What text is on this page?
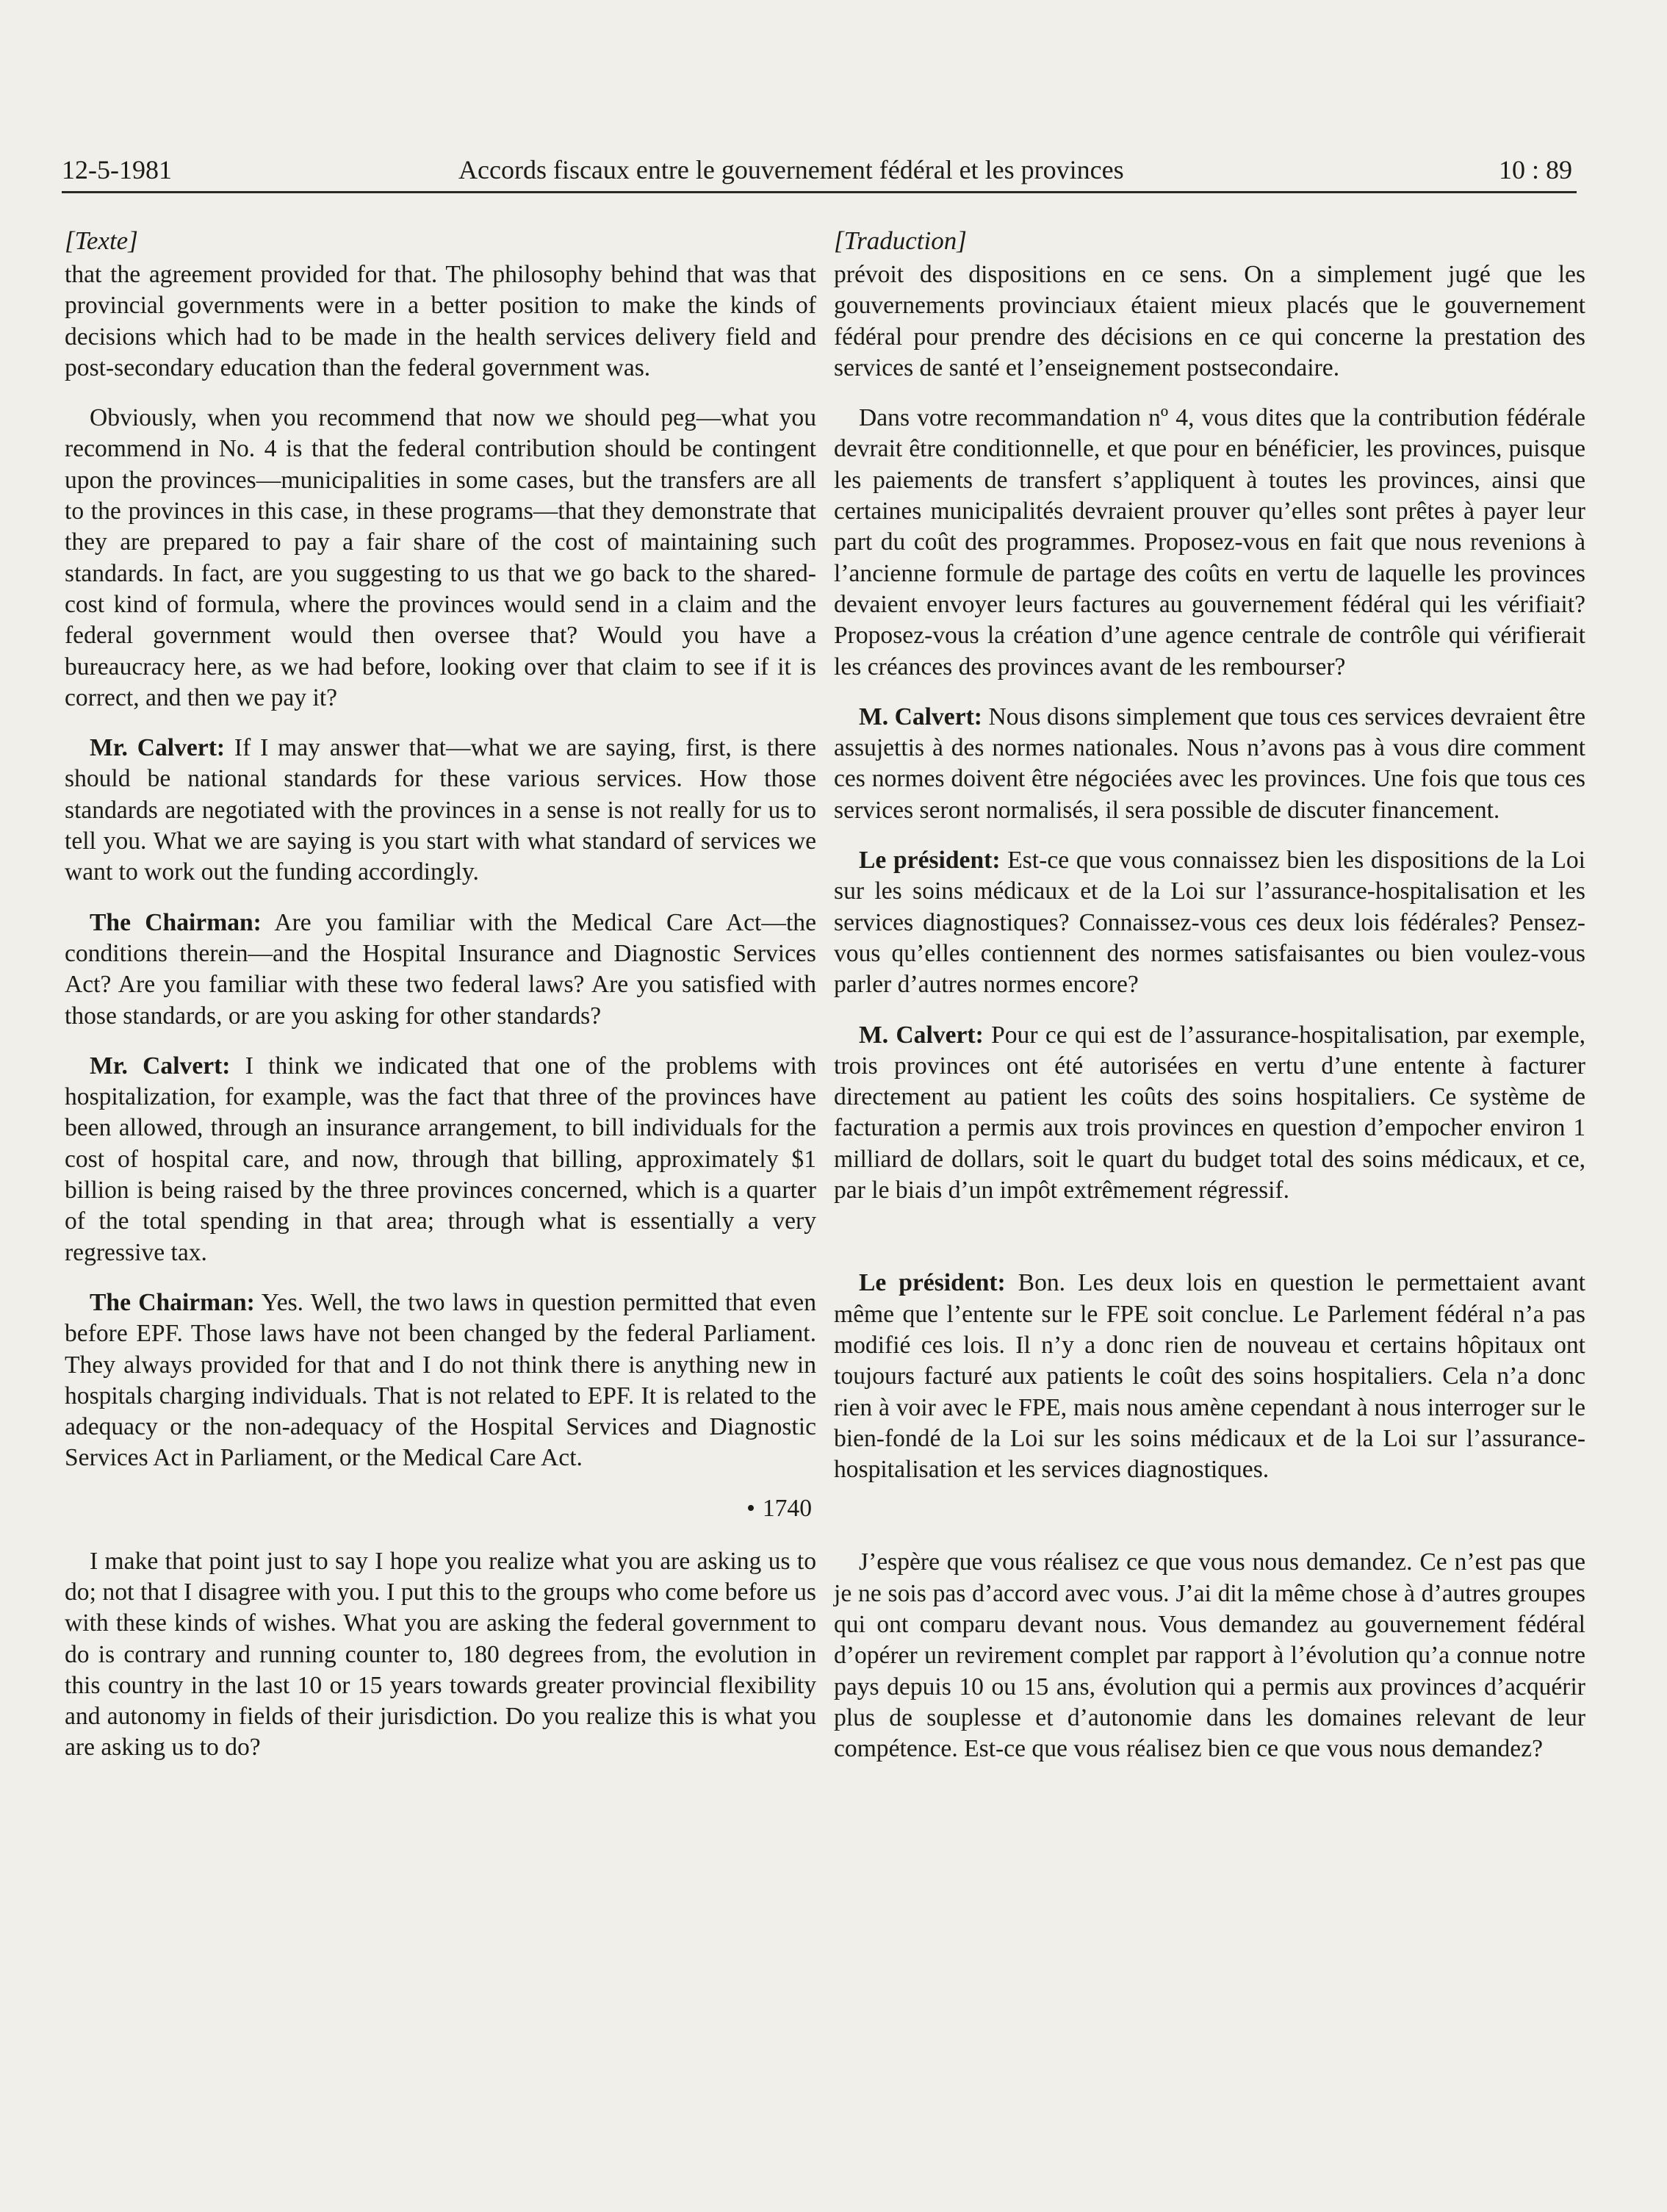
12-5-1981	Accords fiscaux entre le gouvernement fédéral et les provinces	10 : 89
[Texte]

that the agreement provided for that. The philosophy behind that was that provincial governments were in a better position to make the kinds of decisions which had to be made in the health services delivery field and post-secondary education than the federal government was.

Obviously, when you recommend that now we should peg—what you recommend in No. 4 is that the federal contribution should be contingent upon the provinces—municipalities in some cases, but the transfers are all to the provinces in this case, in these programs—that they demonstrate that they are prepared to pay a fair share of the cost of maintaining such standards. In fact, are you suggesting to us that we go back to the shared-cost kind of formula, where the provinces would send in a claim and the federal government would then oversee that? Would you have a bureaucracy here, as we had before, looking over that claim to see if it is correct, and then we pay it?

Mr. Calvert: If I may answer that—what we are saying, first, is there should be national standards for these various services. How those standards are negotiated with the provinces in a sense is not really for us to tell you. What we are saying is you start with what standard of services we want to work out the funding accordingly.

The Chairman: Are you familiar with the Medical Care Act—the conditions therein—and the Hospital Insurance and Diagnostic Services Act? Are you familiar with these two federal laws? Are you satisfied with those standards, or are you asking for other standards?

Mr. Calvert: I think we indicated that one of the problems with hospitalization, for example, was the fact that three of the provinces have been allowed, through an insurance arrangement, to bill individuals for the cost of hospital care, and now, through that billing, approximately $1 billion is being raised by the three provinces concerned, which is a quarter of the total spending in that area; through what is essentially a very regressive tax.

The Chairman: Yes. Well, the two laws in question permitted that even before EPF. Those laws have not been changed by the federal Parliament. They always provided for that and I do not think there is anything new in hospitals charging individuals. That is not related to EPF. It is related to the adequacy or the non-adequacy of the Hospital Services and Diagnostic Services Act in Parliament, or the Medical Care Act.

• 1740

I make that point just to say I hope you realize what you are asking us to do; not that I disagree with you. I put this to the groups who come before us with these kinds of wishes. What you are asking the federal government to do is contrary and running counter to, 180 degrees from, the evolution in this country in the last 10 or 15 years towards greater provincial flexibility and autonomy in fields of their jurisdiction. Do you realize this is what you are asking us to do?

[Traduction]

prévoit des dispositions en ce sens. On a simplement jugé que les gouvernements provinciaux étaient mieux placés que le gouvernement fédéral pour prendre des décisions en ce qui concerne la prestation des services de santé et l’enseignement postsecondaire.

Dans votre recommandation nº 4, vous dites que la contribution fédérale devrait être conditionnelle, et que pour en bénéficier, les provinces, puisque les paiements de transfert s’appliquent à toutes les provinces, ainsi que certaines municipalités devraient prouver qu’elles sont prêtes à payer leur part du coût des programmes. Proposez-vous en fait que nous revenions à l’ancienne formule de partage des coûts en vertu de laquelle les provinces devaient envoyer leurs factures au gouvernement fédéral qui les vérifiait? Proposez-vous la création d’une agence centrale de contrôle qui vérifierait les créances des provinces avant de les rembourser?

M. Calvert: Nous disons simplement que tous ces services devraient être assujettis à des normes nationales. Nous n’avons pas à vous dire comment ces normes doivent être négociées avec les provinces. Une fois que tous ces services seront normalisés, il sera possible de discuter financement.

Le président: Est-ce que vous connaissez bien les dispositions de la Loi sur les soins médicaux et de la Loi sur l’assurance-hospitalisation et les services diagnostiques? Connaissez-vous ces deux lois fédérales? Pensez-vous qu’elles contiennent des normes satisfaisantes ou bien voulez-vous parler d’autres normes encore?

M. Calvert: Pour ce qui est de l’assurance-hospitalisation, par exemple, trois provinces ont été autorisées en vertu d’une entente à facturer directement au patient les coûts des soins hospitaliers. Ce système de facturation a permis aux trois provinces en question d’empocher environ 1 milliard de dollars, soit le quart du budget total des soins médicaux, et ce, par le biais d’un impôt extrêmement régressif.

Le président: Bon. Les deux lois en question le permettaient avant même que l’entente sur le FPE soit conclue. Le Parlement fédéral n’a pas modifié ces lois. Il n’y a donc rien de nouveau et certains hôpitaux ont toujours facturé aux patients le coût des soins hospitaliers. Cela n’a donc rien à voir avec le FPE, mais nous amène cependant à nous interroger sur le bien-fondé de la Loi sur les soins médicaux et de la Loi sur l’assurance-hospitalisation et les services diagnostiques.

J’espère que vous réalisez ce que vous nous demandez. Ce n’est pas que je ne sois pas d’accord avec vous. J’ai dit la même chose à d’autres groupes qui ont comparu devant nous. Vous demandez au gouvernement fédéral d’opérer un revirement complet par rapport à l’évolution qu’a connue notre pays depuis 10 ou 15 ans, évolution qui a permis aux provinces d’acquérir plus de souplesse et d’autonomie dans les domaines relevant de leur compétence. Est-ce que vous réalisez bien ce que vous nous demandez?
